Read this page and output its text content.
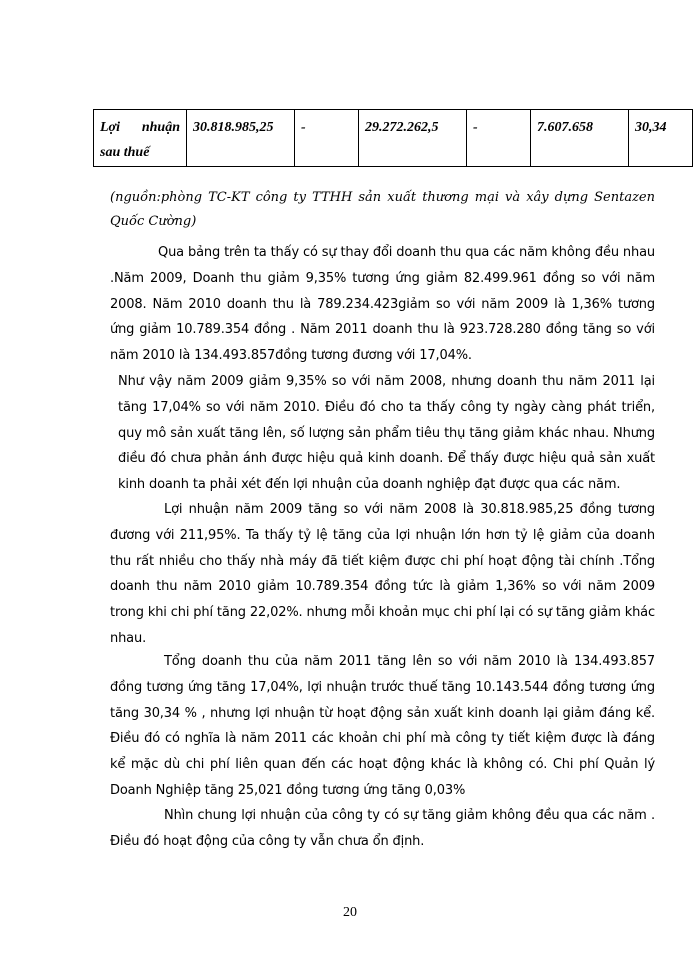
Lợi nhuận
sau thuế
	30.818.985,25	-	29.272.262,5	-	7.607.658	30,34
(nguồn:phòng TC-KT công ty TTHH sản xuất thương mại và xây dựng Sentazen Quốc Cường)
Qua bảng trên ta thấy có sự thay đổi doanh thu qua các năm không đều nhau .Năm 2009, Doanh thu giảm 9,35% tương ứng giảm 82.499.961 đồng so với năm 2008. Năm 2010 doanh thu là 789.234.423giảm so với năm 2009 là 1,36% tương ứng giảm 10.789.354 đồng . Năm 2011 doanh thu là 923.728.280 đồng tăng so với năm 2010 là 134.493.857đồng tương đương với 17,04%.
Như vậy năm 2009 giảm 9,35% so với năm 2008, nhưng doanh thu năm 2011 lại tăng 17,04% so với năm 2010. Điều đó cho ta thấy công ty ngày càng phát triển, quy mô sản xuất tăng lên, số lượng sản phẩm tiêu thụ tăng giảm khác nhau. Nhưng điều đó chưa phản ánh được hiệu quả kinh doanh. Để thấy được hiệu quả sản xuất kinh doanh ta phải xét đến lợi nhuận của doanh nghiệp đạt được qua các năm.
Lợi nhuận năm 2009 tăng so với năm 2008 là 30.818.985,25 đồng tương đương với 211,95%. Ta thấy tỷ lệ tăng của lợi nhuận lớn hơn tỷ lệ giảm của doanh thu rất nhiều cho thấy nhà máy đã tiết kiệm được chi phí hoạt động tài chính .Tổng doanh thu năm 2010 giảm 10.789.354 đồng tức là giảm 1,36% so với năm 2009 trong khi chi phí tăng 22,02%. nhưng mỗi khoản mục chi phí lại có sự tăng giảm khác nhau.
Tổng doanh thu của năm 2011 tăng lên so với năm 2010 là 134.493.857 đồng tương ứng tăng 17,04%, lợi nhuận trước thuế tăng 10.143.544 đồng tương ứng tăng 30,34 % , nhưng lợi nhuận từ hoạt động sản xuất kinh doanh lại giảm đáng kể. Điều đó có nghĩa là năm 2011 các khoản chi phí mà công ty tiết kiệm được là đáng kể mặc dù chi phí liên quan đến các hoạt động khác là không có. Chi phí Quản lý Doanh Nghiệp tăng 25,021 đồng tương ứng tăng 0,03%
Nhìn chung lợi nhuận của công ty có sự tăng giảm không đều qua các năm . Điều đó hoạt động của công ty vẫn chưa ổn định.
20
